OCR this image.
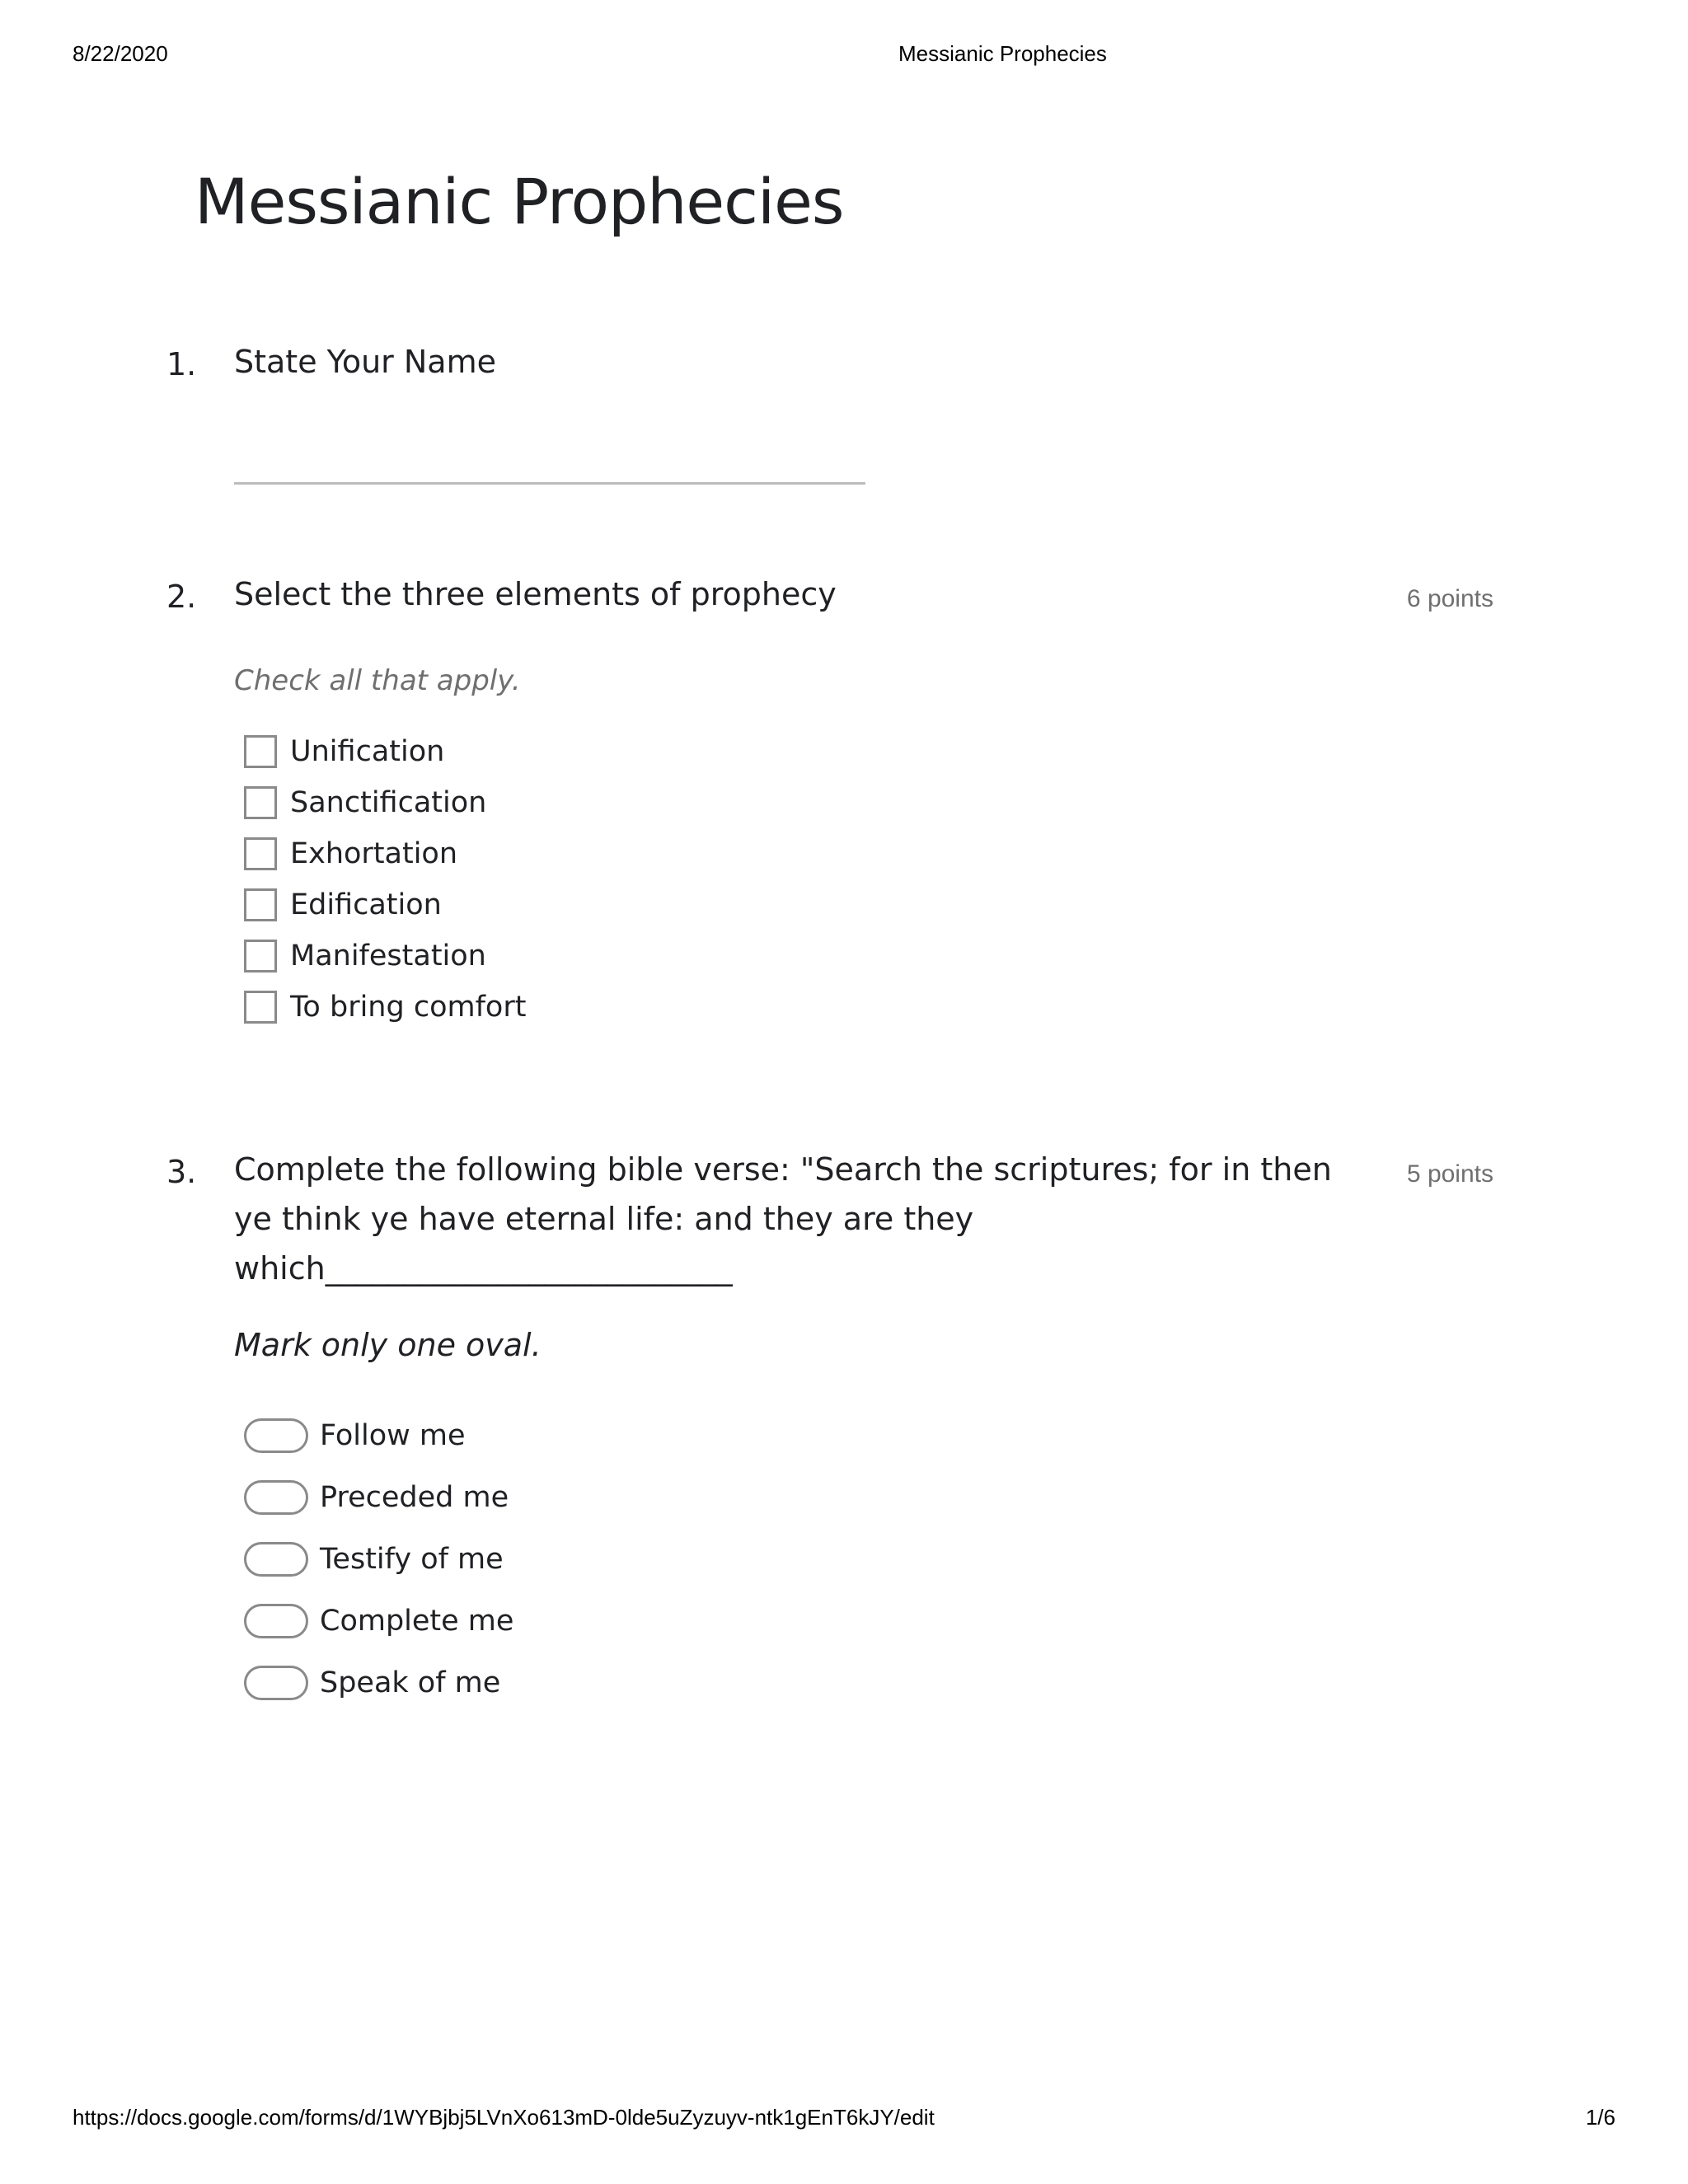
8/22/2020	Messianic Prophecies
Messianic Prophecies
1. State Your Name
2. Select the three elements of prophecy	6 points
Check all that apply.
Unification
Sanctification
Exhortation
Edification
Manifestation
To bring comfort
3. Complete the following bible verse: "Search the scriptures; for in then ye think ye have eternal life: and they are they which__________________________
5 points
Mark only one oval.
Follow me
Preceded me
Testify of me
Complete me
Speak of me
https://docs.google.com/forms/d/1WYBjbj5LVnXo613mD-0lde5uZyzuyv-ntk1gEnT6kJY/edit	1/6
